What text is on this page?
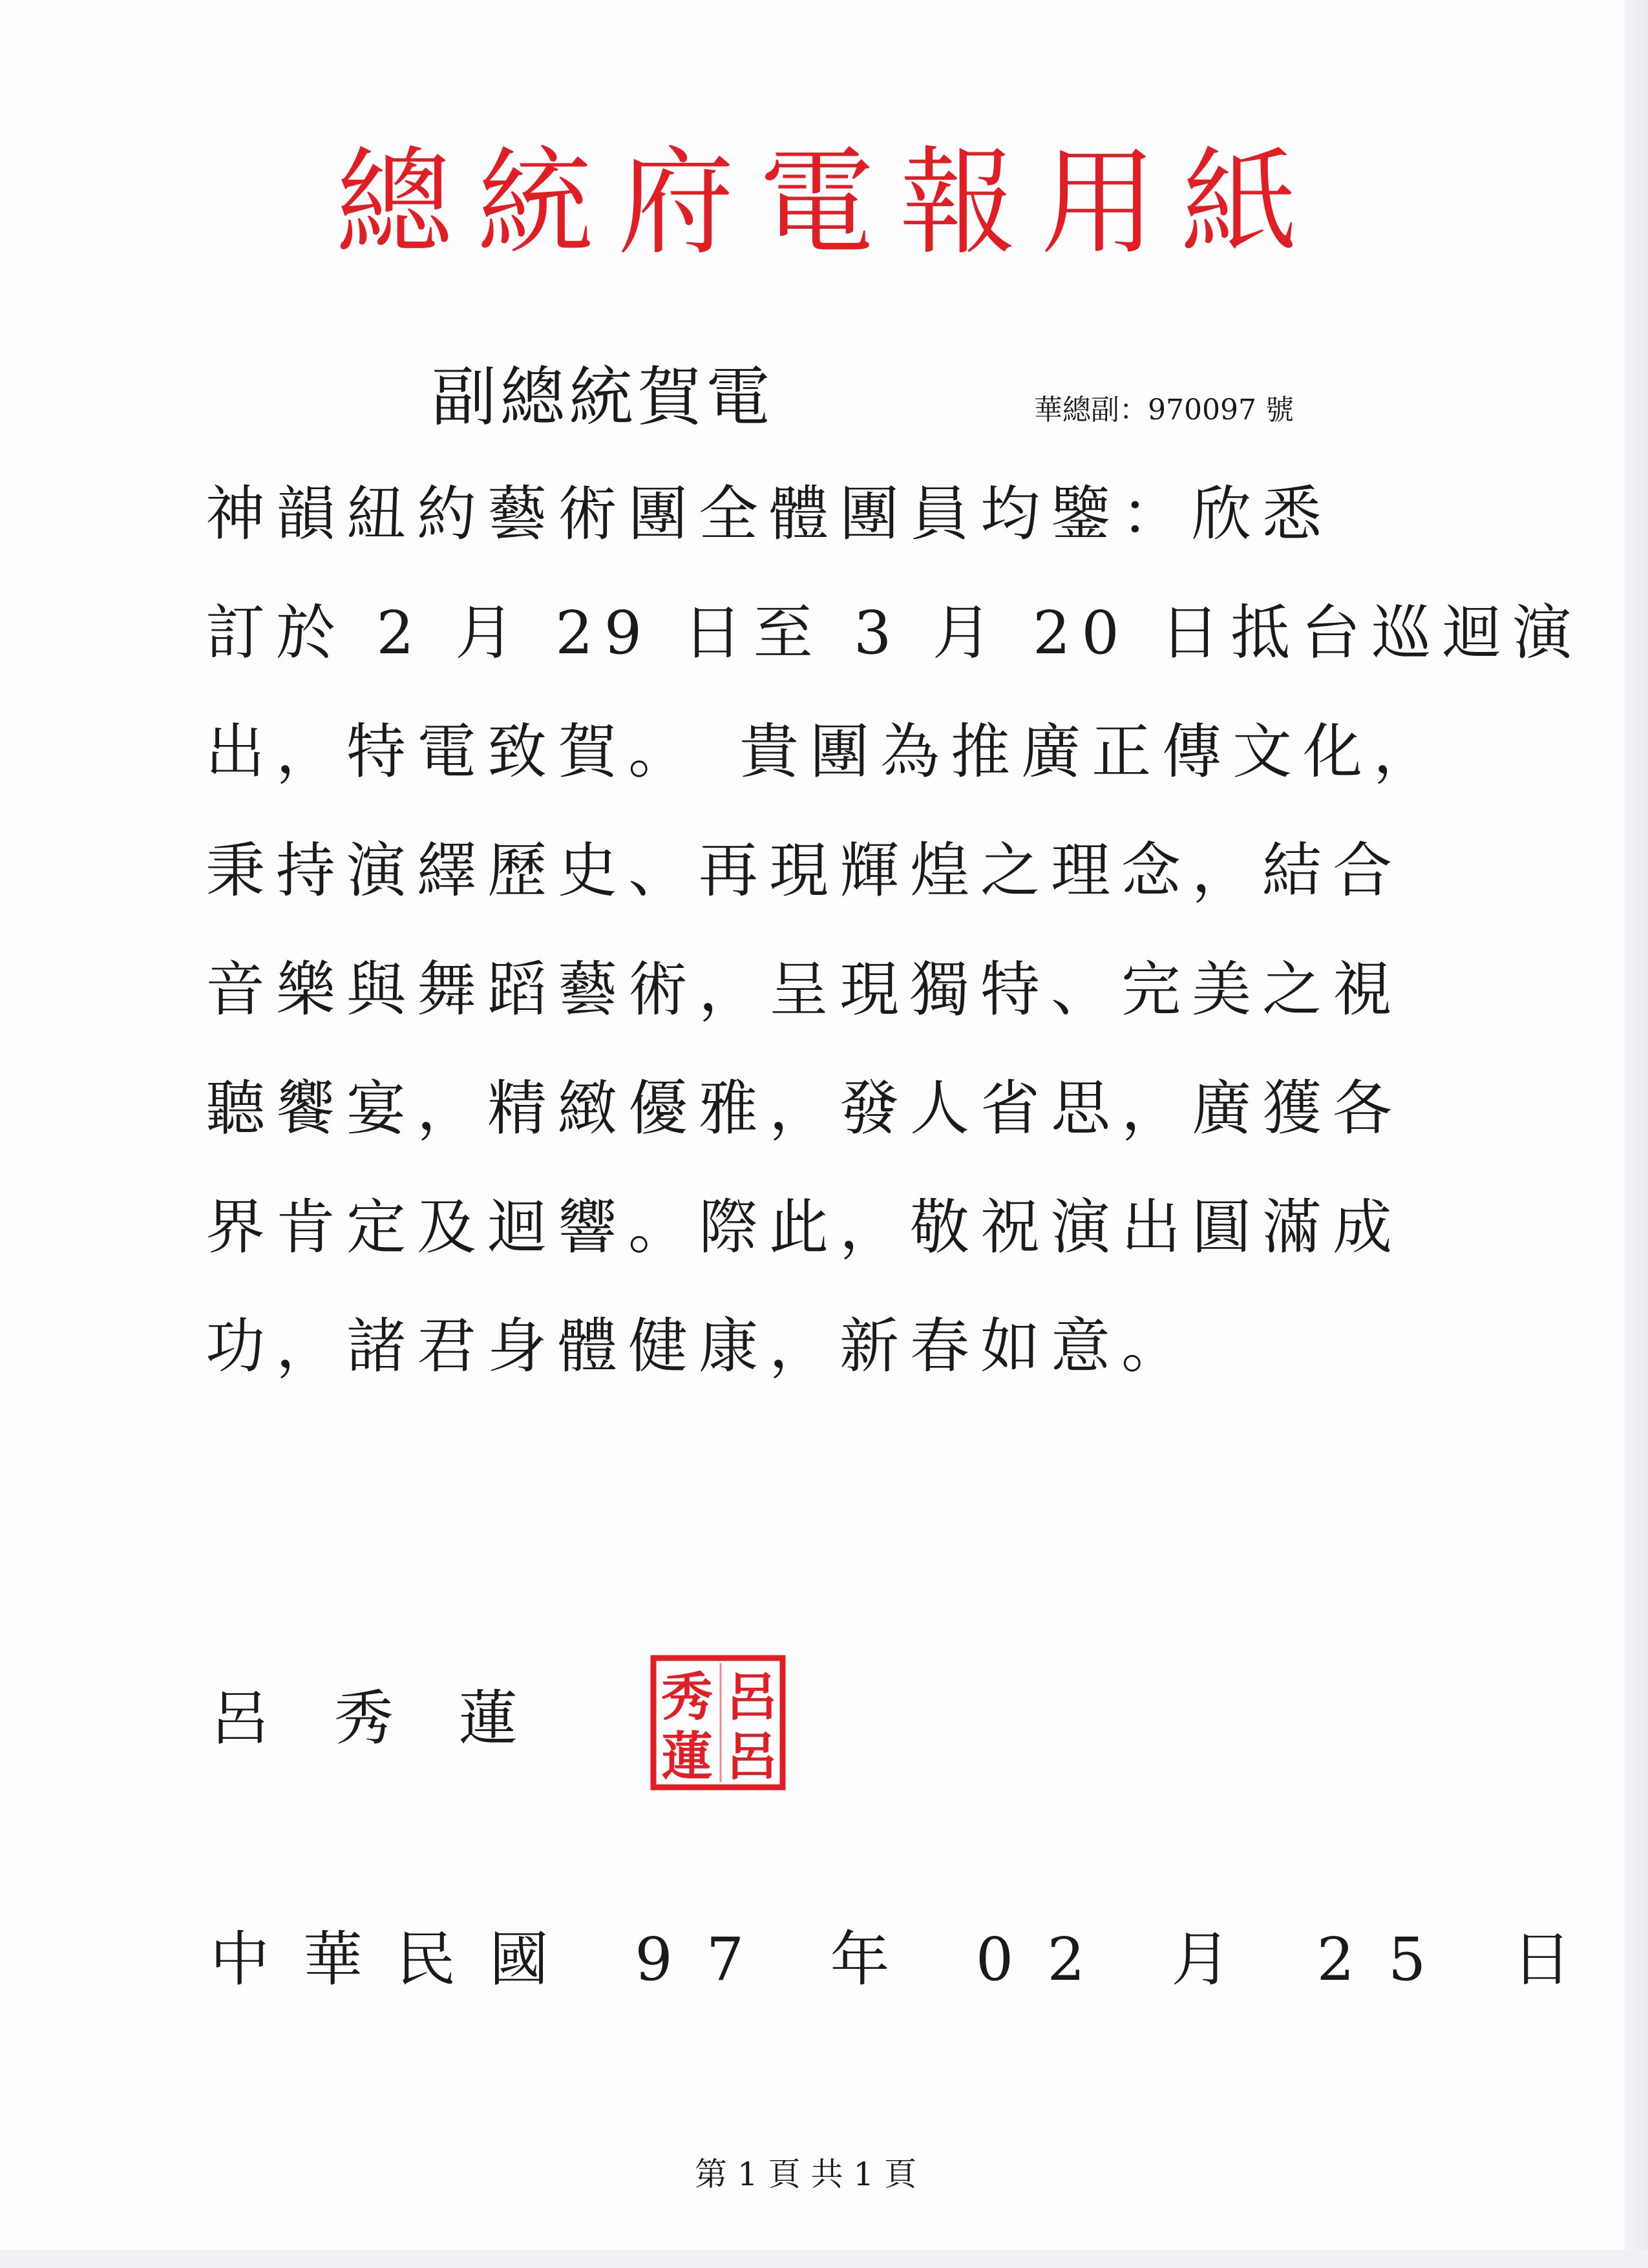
總統府電報用紙
副總統賀電	華總副：970097 號
神韻紐約藝術團全體團員均鑒：欣悉
訂於 2 月 29 日至 3 月 20 日抵台巡迴演
出，特電致賀。　貴團為推廣正傳文化，
秉持演繹歷史、再現輝煌之理念，結合
音樂與舞蹈藝術，呈現獨特、完美之視
聽饗宴，精緻優雅，發人省思，廣獲各
界肯定及迴響。際此，敬祝演出圓滿成
功，諸君身體健康，新春如意。
呂秀蓮	呂
秀
蓮 呂
中華民國 97 年 02 月 25 日
第 1 頁 共 1 頁
